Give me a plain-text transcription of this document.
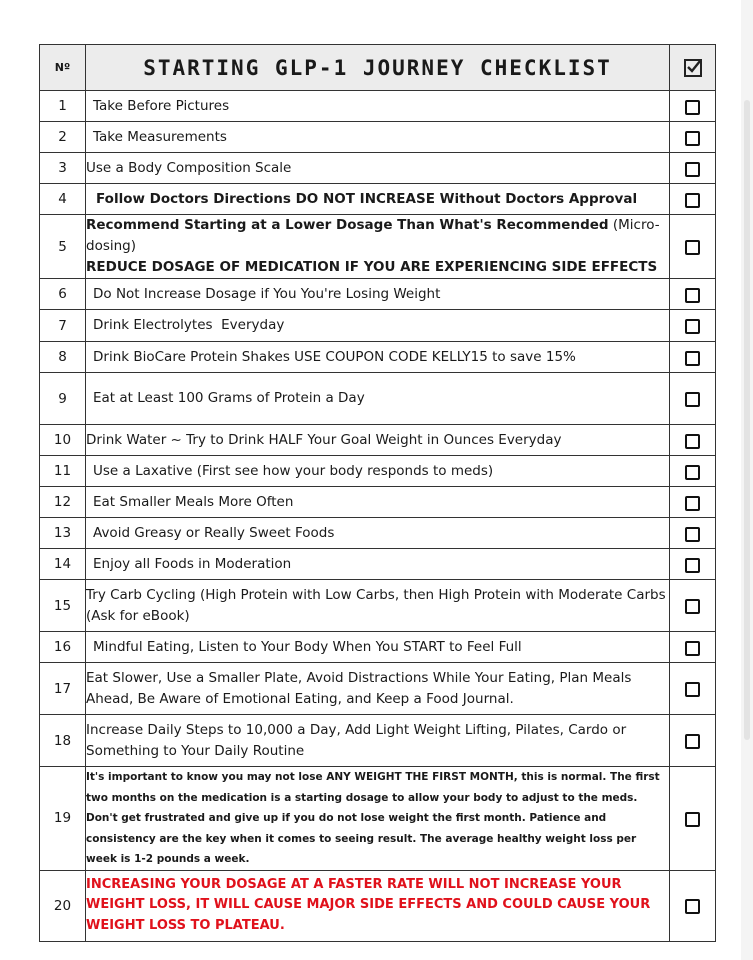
Nº	STARTING GLP-1 JOURNEY CHECKLIST	

1	Take Before Pictures	
2	Take Measurements	
3	Use a Body Composition Scale	
4	Follow Doctors Directions DO NOT INCREASE Without Doctors Approval	
5	Recommend Starting at a Lower Dosage Than What's Recommended (Micro-dosing)
REDUCE DOSAGE OF MEDICATION IF YOU ARE EXPERIENCING SIDE EFFECTS	
6	Do Not Increase Dosage if You You're Losing Weight	
7	Drink Electrolytes  Everyday	
8	Drink BioCare Protein Shakes USE COUPON CODE KELLY15 to save 15%	
9	Eat at Least 100 Grams of Protein a Day	
10	Drink Water ~ Try to Drink HALF Your Goal Weight in Ounces Everyday	
11	Use a Laxative (First see how your body responds to meds)	
12	Eat Smaller Meals More Often	
13	Avoid Greasy or Really Sweet Foods	
14	Enjoy all Foods in Moderation	
15	Try Carb Cycling (High Protein with Low Carbs, then High Protein with Moderate Carbs (Ask for eBook)	
16	Mindful Eating, Listen to Your Body When You START to Feel Full	
17	Eat Slower, Use a Smaller Plate, Avoid Distractions While Your Eating, Plan Meals Ahead, Be Aware of Emotional Eating, and Keep a Food Journal.	
18	Increase Daily Steps to 10,000 a Day, Add Light Weight Lifting, Pilates, Cardo or Something to Your Daily Routine	
19	It's important to know you may not lose ANY WEIGHT THE FIRST MONTH, this is normal. The first two months on the medication is a starting dosage to allow your body to adjust to the meds. Don't get frustrated and give up if you do not lose weight the first month. Patience and consistency are the key when it comes to seeing result. The average healthy weight loss per week is 1-2 pounds a week.	
20	INCREASING YOUR DOSAGE AT A FASTER RATE WILL NOT INCREASE YOUR WEIGHT LOSS, IT WILL CAUSE MAJOR SIDE EFFECTS AND COULD CAUSE YOUR WEIGHT LOSS TO PLATEAU.	
